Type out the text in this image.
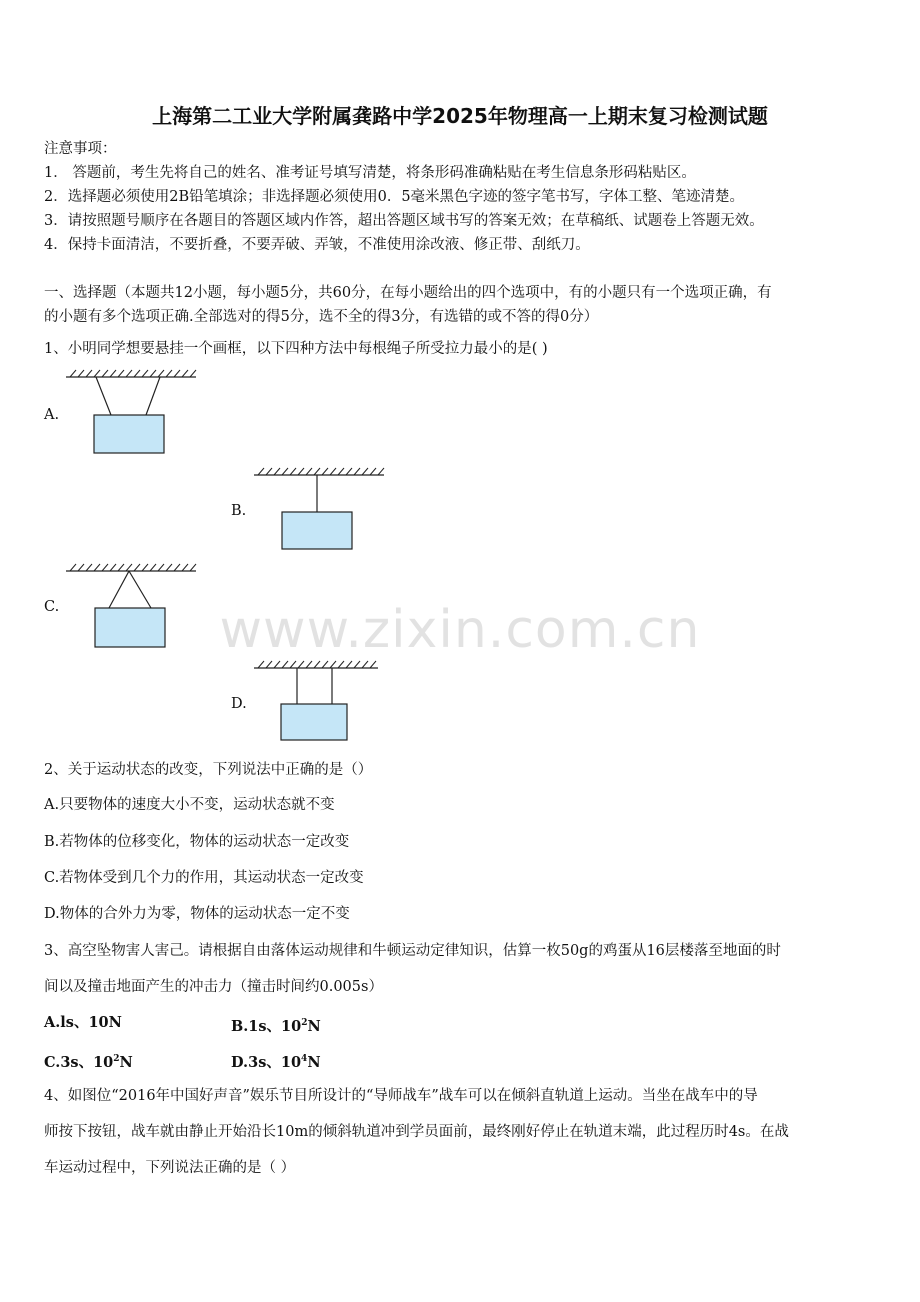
上海第二工业大学附属龚路中学2025年物理高一上期末复习检测试题
注意事项：
1． 答题前，考生先将自己的姓名、准考证号填写清楚，将条形码准确粘贴在考生信息条形码粘贴区。
2．选择题必须使用2B铅笔填涂；非选择题必须使用0．5毫米黑色字迹的签字笔书写，字体工整、笔迹清楚。
3．请按照题号顺序在各题目的答题区域内作答，超出答题区域书写的答案无效；在草稿纸、试题卷上答题无效。
4．保持卡面清洁，不要折叠，不要弄破、弄皱，不准使用涂改液、修正带、刮纸刀。
一、选择题（本题共12小题，每小题5分，共60分，在每小题给出的四个选项中，有的小题只有一个选项正确，有
的小题有多个选项正确.全部选对的得5分，选不全的得3分，有选错的或不答的得0分）
1、小明同学想要悬挂一个画框，以下四种方法中每根绳子所受拉力最小的是( )
A.
B.
C.
D.
www.zixin.com.cn
2、关于运动状态的改变，下列说法中正确的是（）
A.只要物体的速度大小不变，运动状态就不变
B.若物体的位移变化，物体的运动状态一定改变
C.若物体受到几个力的作用，其运动状态一定改变
D.物体的合外力为零，物体的运动状态一定不变
3、高空坠物害人害己。请根据自由落体运动规律和牛顿运动定律知识，估算一枚50g的鸡蛋从16层楼落至地面的时
间以及撞击地面产生的冲击力（撞击时间约0.005s）
A.ls、10N	B.1s、$10^2N$
C.3s、$10^2N$	D.3s、$10^4N$
4、如图位“2016年中国好声音”娱乐节目所设计的“导师战车”战车可以在倾斜直轨道上运动。当坐在战车中的导
师按下按钮，战车就由静止开始沿长10m的倾斜轨道冲到学员面前，最终刚好停止在轨道末端，此过程历时4s。在战
车运动过程中，下列说法正确的是（ ）
